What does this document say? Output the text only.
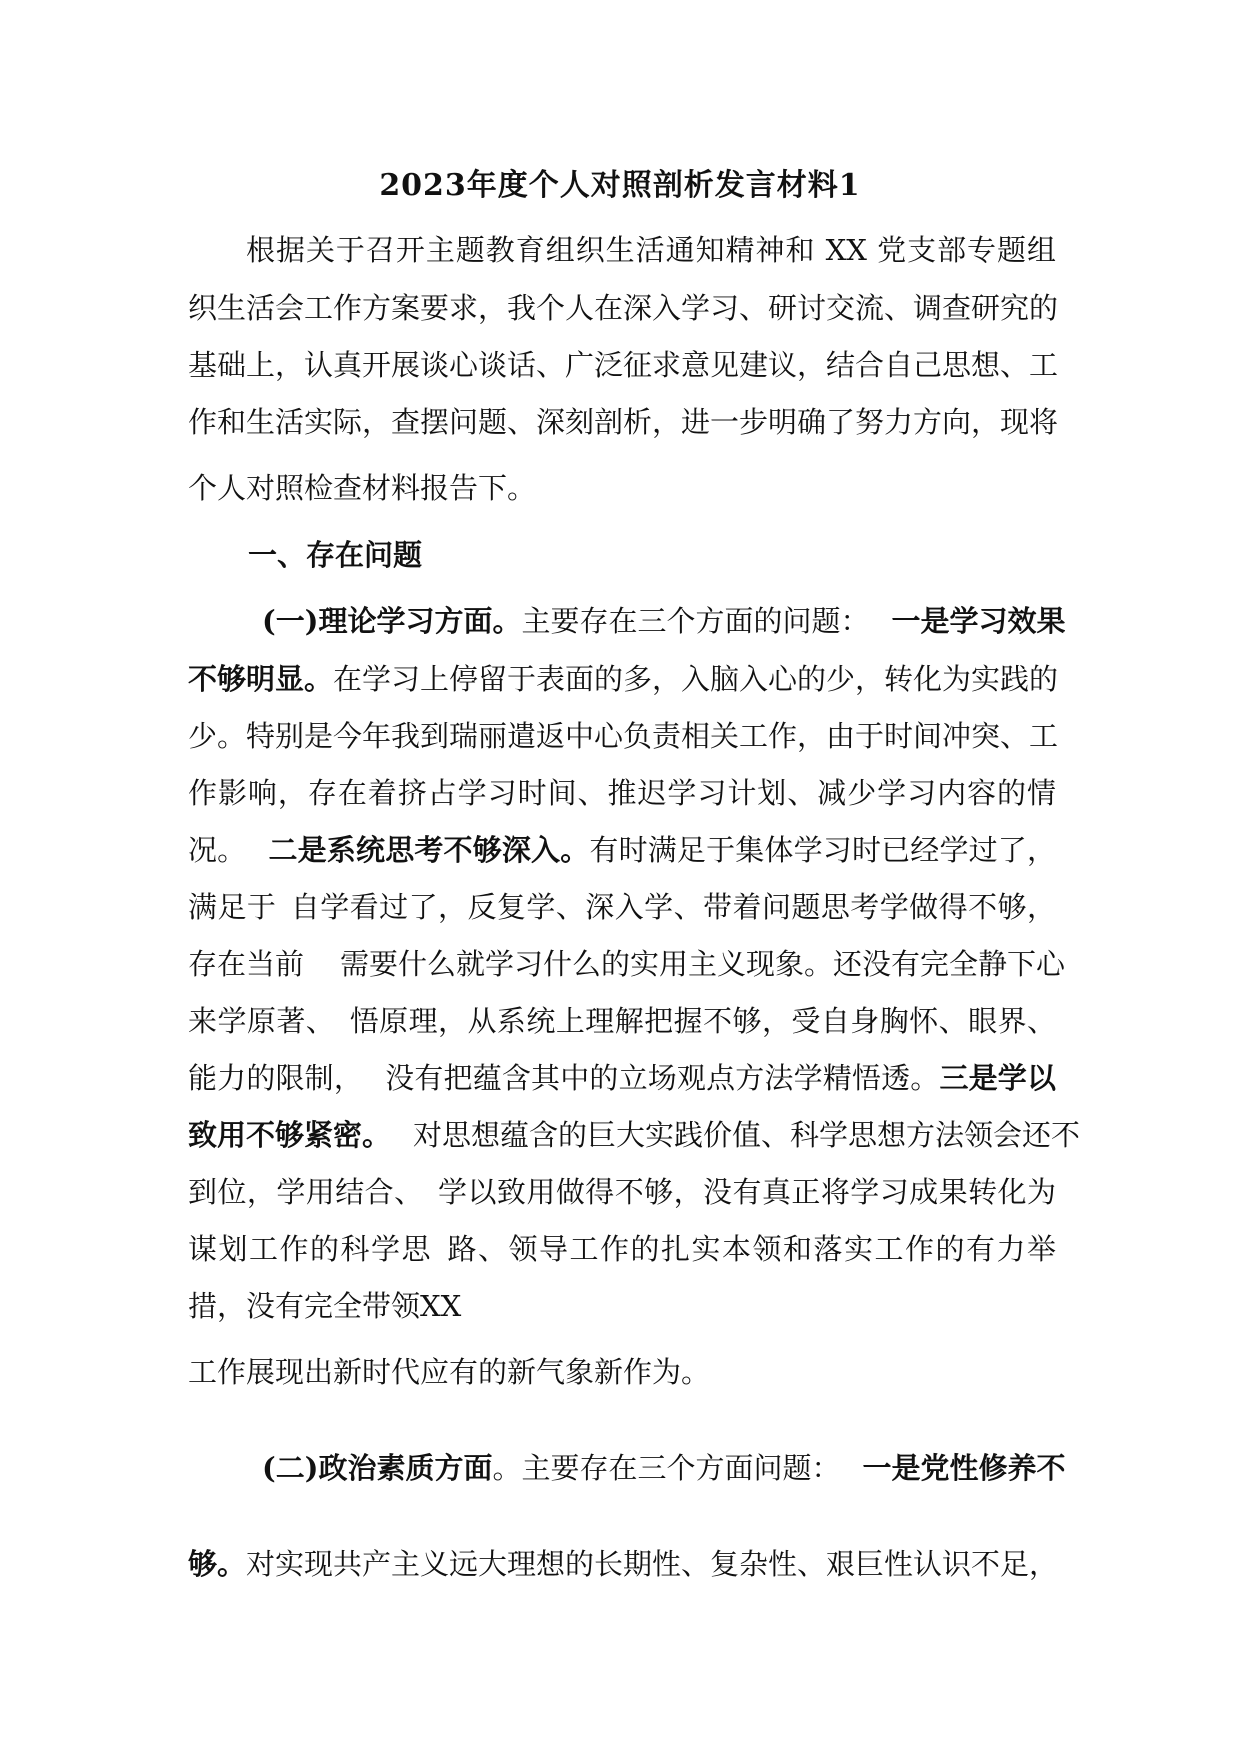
2023年度个人对照剖析发言材料1
根据关于召开主题教育组织生活通知精神和 XX 党支部专题组
织生活会工作方案要求，我个人在深入学习、研讨交流、调查研究的
基础上，认真开展谈心谈话、广泛征求意见建议，结合自己思想、工
作和生活实际，查摆问题、深刻剖析，进一步明确了努力方向，现将
个人对照检查材料报告下。
一、存在问题
(一)理论学习方面。主要存在三个方面的问题： 一是学习效果
不够明显。在学习上停留于表面的多，入脑入心的少，转化为实践的
少。特别是今年我到瑞丽遣返中心负责相关工作，由于时间冲突、工
作影响，存在着挤占学习时间、推迟学习计划、减少学习内容的情
况。 二是系统思考不够深入。有时满足于集体学习时已经学过了，
满足于 自学看过了，反复学、深入学、带着问题思考学做得不够，
存在当前 需要什么就学习什么的实用主义现象。还没有完全静下心
来学原著、 悟原理，从系统上理解把握不够，受自身胸怀、眼界、
能力的限制， 没有把蕴含其中的立场观点方法学精悟透。三是学以
致用不够紧密。 对思想蕴含的巨大实践价值、科学思想方法领会还不
到位，学用结合、 学以致用做得不够，没有真正将学习成果转化为
谋划工作的科学思 路、领导工作的扎实本领和落实工作的有力举
措，没有完全带领XX
工作展现出新时代应有的新气象新作为。
(二)政治素质方面。主要存在三个方面问题： 一是党性修养不
够。对实现共产主义远大理想的长期性、复杂性、艰巨性认识不足，
